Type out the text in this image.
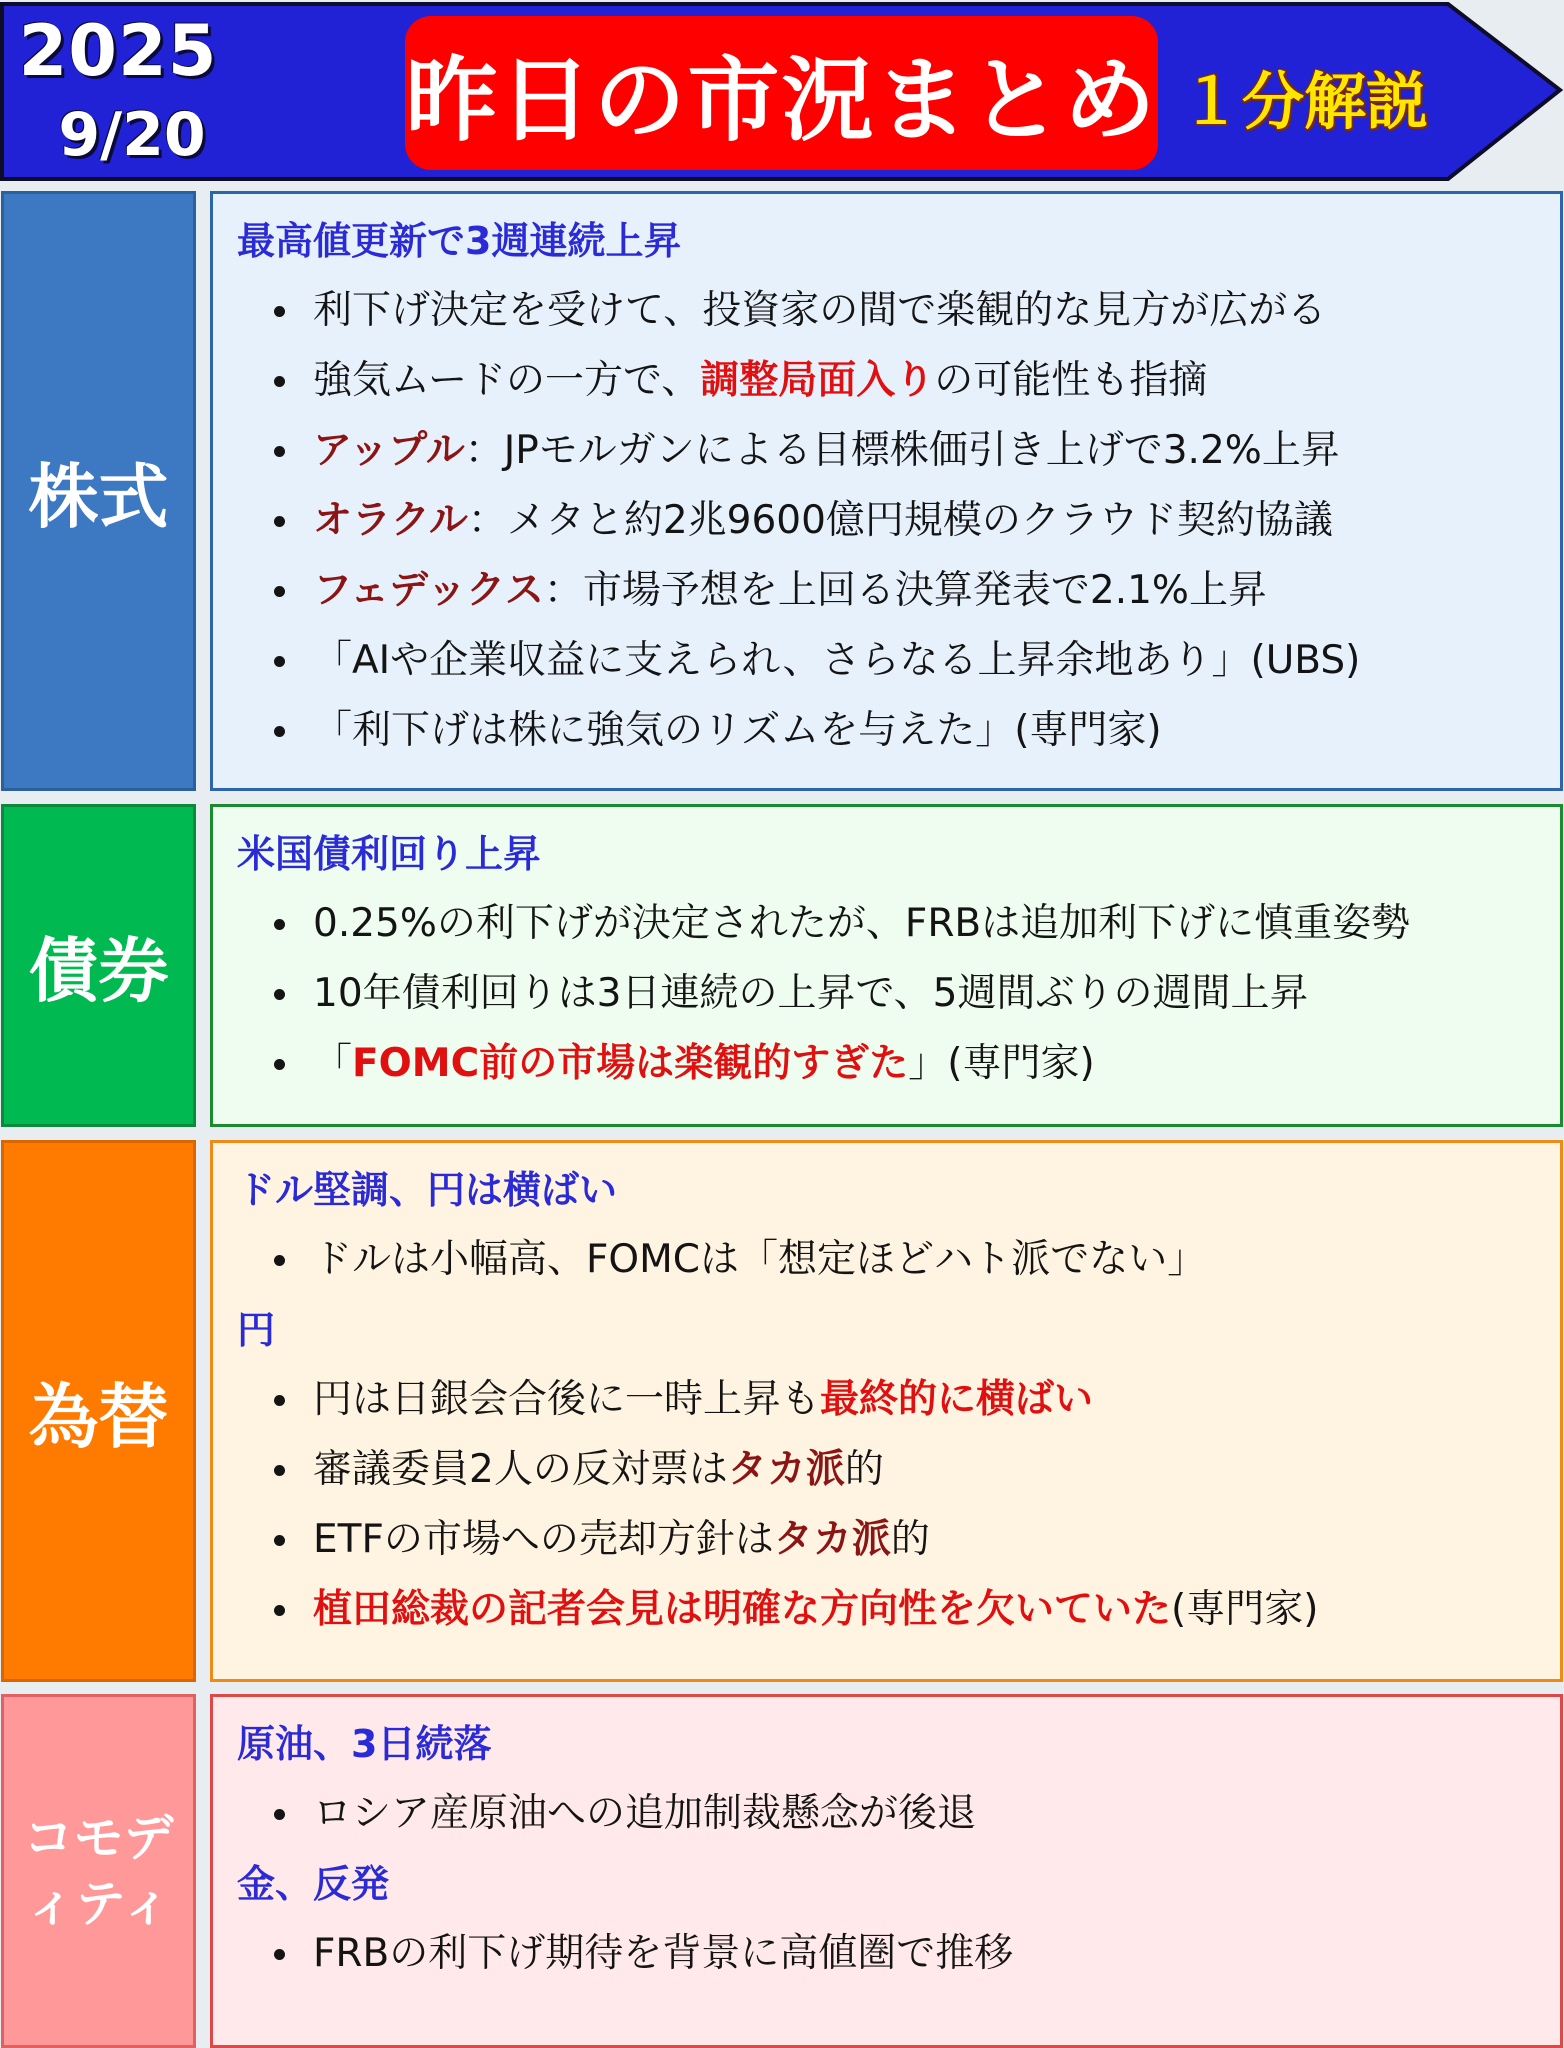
2025
9/20	昨日の市況まとめ １分解説
株式
最高値更新で3週連続上昇
利下げ決定を受けて、投資家の間で楽観的な見方が広がる
強気ムードの一方で、調整局面入りの可能性も指摘
アップル：JPモルガンによる目標株価引き上げで3.2%上昇
オラクル：メタと約2兆9600億円規模のクラウド契約協議
フェデックス：市場予想を上回る決算発表で2.1%上昇
「AIや企業収益に支えられ、さらなる上昇余地あり」(UBS)
「利下げは株に強気のリズムを与えた」(専門家)
債券
米国債利回り上昇
0.25%の利下げが決定されたが、FRBは追加利下げに慎重姿勢
10年債利回りは3日連続の上昇で、5週間ぶりの週間上昇
「FOMC前の市場は楽観的すぎた」(専門家)
為替
ドル堅調、円は横ばい
ドルは小幅高、FOMCは「想定ほどハト派でない」
円
円は日銀会合後に一時上昇も最終的に横ばい
審議委員2人の反対票はタカ派的
ETFの市場への売却方針はタカ派的
植田総裁の記者会見は明確な方向性を欠いていた(専門家)
コモデ
ィティ
原油、3日続落
ロシア産原油への追加制裁懸念が後退
金、反発
FRBの利下げ期待を背景に高値圏で推移
